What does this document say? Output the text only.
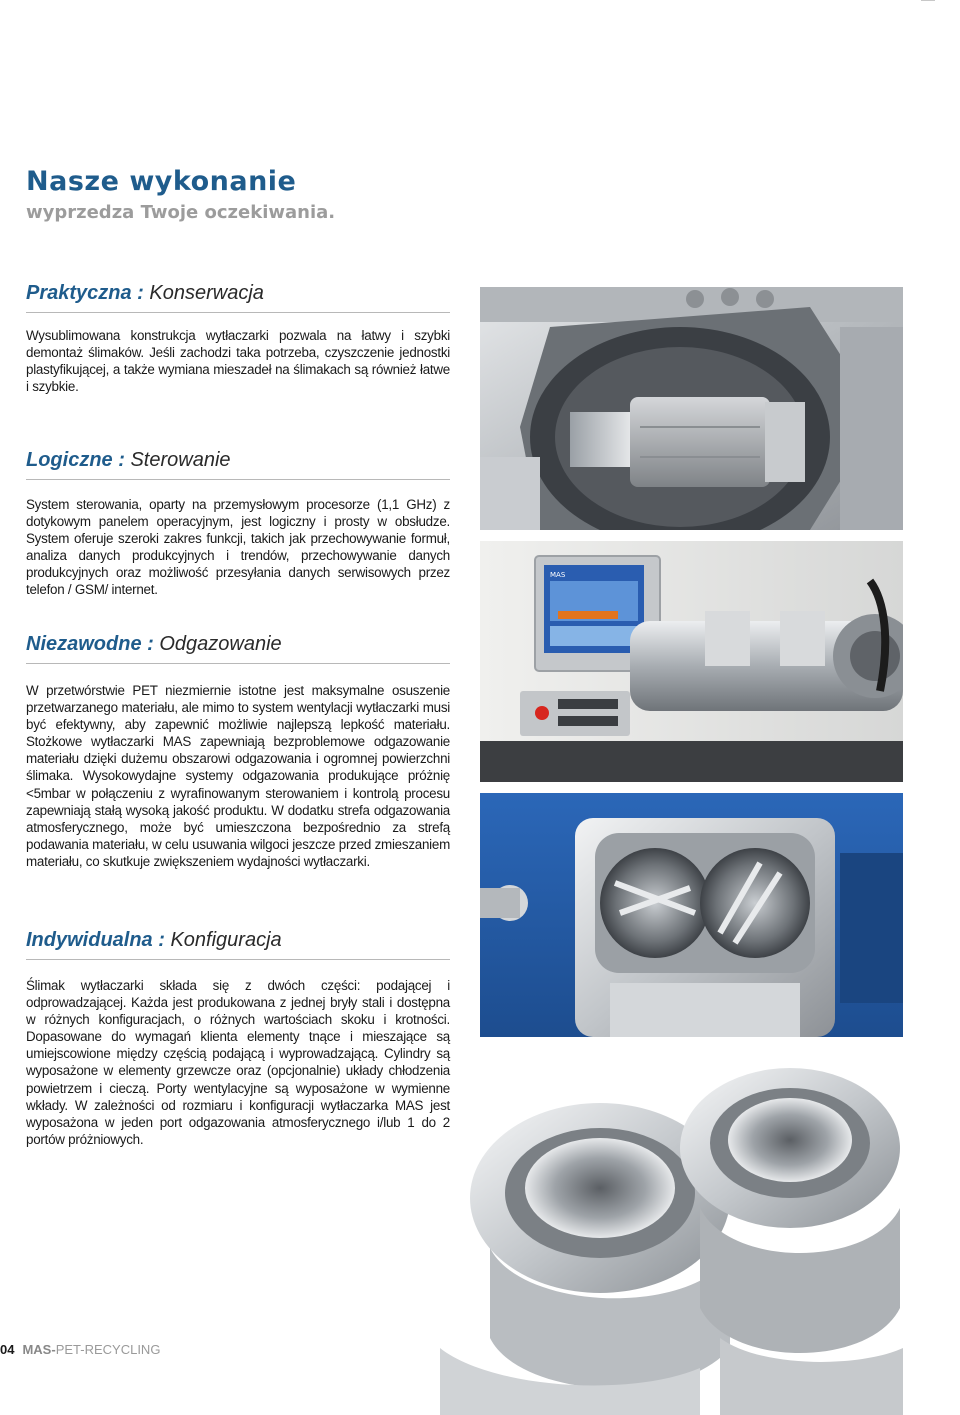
Nasze wykonanie
wyprzedza Twoje oczekiwania.
Praktyczna : Konserwacja

Wysublimowana konstrukcja wytłaczarki pozwala na łatwy i szybki demontaż ślimaków. Jeśli zachodzi taka potrzeba, czyszczenie jednostki plastyfikującej, a także wymiana mieszadeł na ślimakach są również łatwe i szybkie.

Logiczne : Sterowanie

System sterowania, oparty na przemysłowym procesorze (1,1 GHz) z dotykowym panelem operacyjnym, jest logiczny i prosty w obsłudze. System oferuje szeroki zakres funkcji, takich jak przechowywanie formuł, analiza danych produkcyjnych i trendów, przechowywanie danych produkcyjnych oraz możliwość przesyłania danych serwisowych przez telefon / GSM/ internet.

Niezawodne : Odgazowanie

W przetwórstwie PET niezmiernie istotne jest maksymalne osuszenie przetwarzanego materiału, ale mimo to system wentylacji wytłaczarki musi być efektywny, aby zapewnić możliwie najlepszą lepkość materiału. Stożkowe wytłaczarki MAS zapewniają bezproblemowe odgazowanie materiału dzięki dużemu obszarowi odgazowania i ogromnej powierzchni ślimaka. Wysokowydajne systemy odgazowania produkujące próżnię <5mbar w połączeniu z wyrafinowanym sterowaniem i kontrolą procesu zapewniają stałą wysoką jakość produktu. W dodatku strefa odgazowania atmosferycznego, może być umieszczona bezpośrednio za strefą podawania materiału, w celu usuwania wilgoci jeszcze przed zmieszaniem materiału, co skutkuje zwiększeniem wydajności wytłaczarki.

Indywidualna : Konfiguracja

Ślimak wytłaczarki składa się z dwóch części: podającej i odprowadzającej. Każda jest produkowana z jednej bryły stali i dostępna w różnych konfiguracjach, o różnych wartościach skoku i krotności. Dopasowane do wymagań klienta elementy tnące i mieszające są umiejscowione między częścią podającą i wyprowadzającą. Cylindry są wyposażone w elementy grzewcze oraz (opcjonalnie) układy chłodzenia powietrzem i cieczą. Porty wentylacyjne są wyposażone w wymienne wkłady. W zależności od rozmiaru i konfiguracji wytłaczarka MAS jest wyposażona w jeden port odgazowania atmosferycznego i/lub 1 do 2 portów próżniowych.

MAS
04 MAS-PET-RECYCLING
